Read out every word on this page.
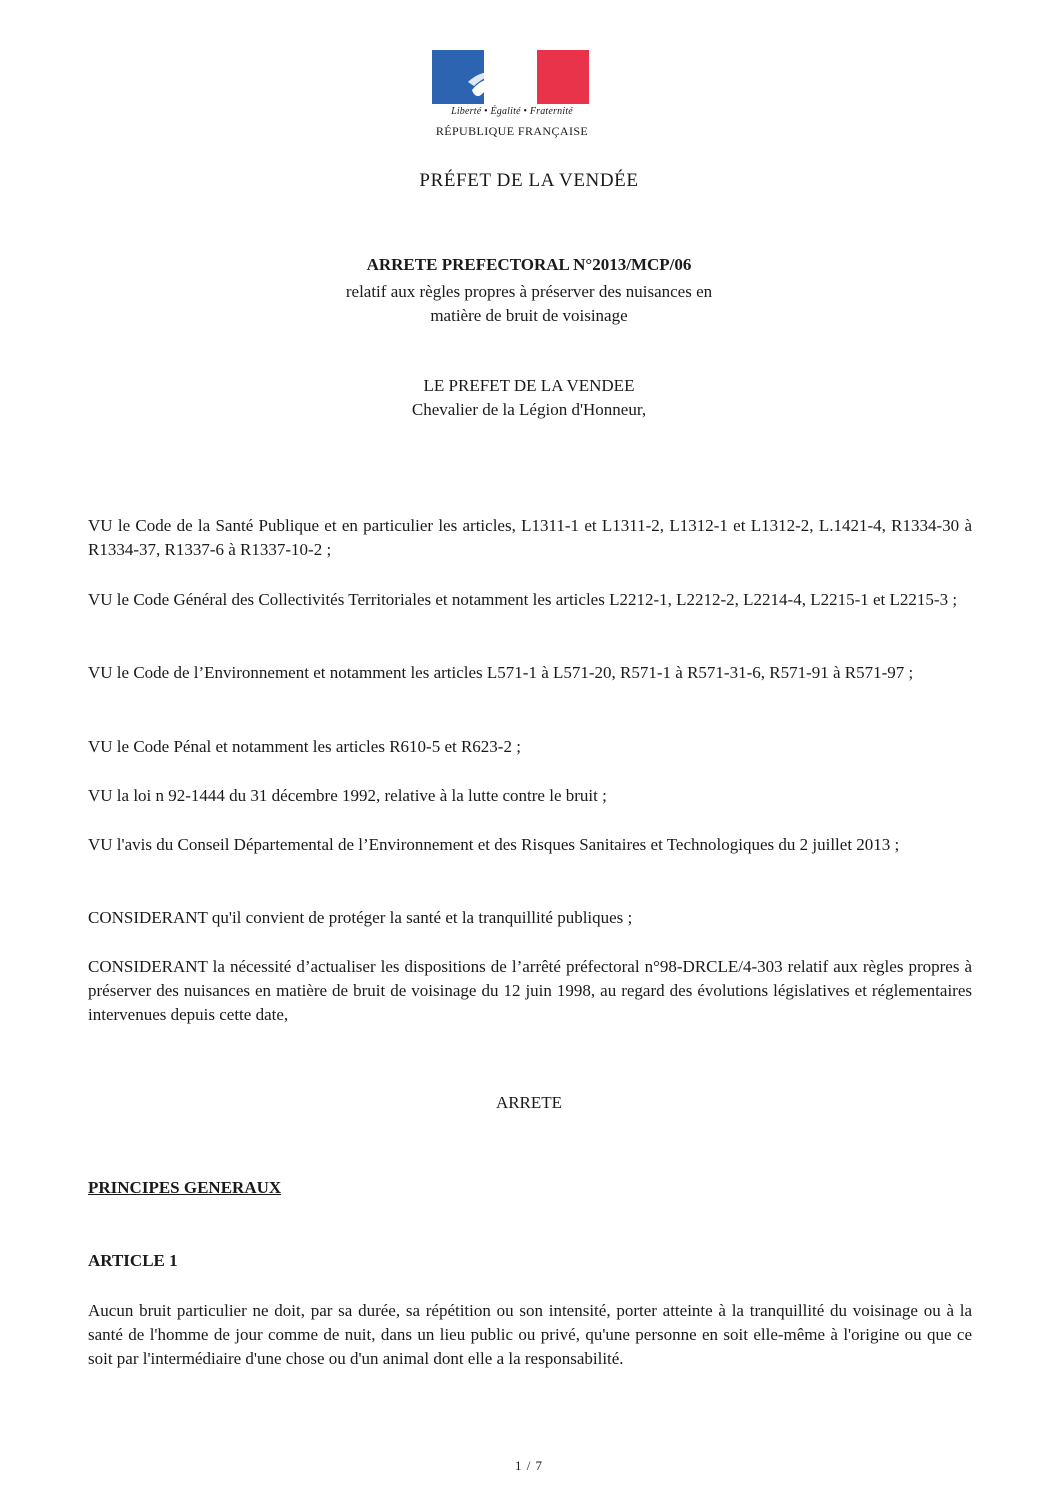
Liberté • Égalité • Fraternité
RÉPUBLIQUE FRANÇAISE
PRÉFET DE LA VENDÉE
ARRETE PREFECTORAL N°2013/MCP/06
relatif aux règles propres à préserver des nuisances en
matière de bruit de voisinage
LE PREFET DE LA VENDEE
Chevalier de la Légion d'Honneur,
VU le Code de la Santé Publique et en particulier les articles, L1311-1 et L1311-2, L1312-1 et L1312-2, L.1421-4, R1334-30 à R1334-37, R1337-6 à R1337-10-2 ;
VU le Code Général des Collectivités Territoriales et notamment les articles L2212-1, L2212-2, L2214-4, L2215-1 et L2215-3 ;
VU le Code de l’Environnement et notamment les articles L571-1 à L571-20, R571-1 à R571-31-6, R571-91 à R571-97 ;
VU le Code Pénal et notamment les articles R610-5 et R623-2 ;
VU la loi n 92-1444 du 31 décembre 1992, relative à la lutte contre le bruit ;
VU l'avis du Conseil Départemental de l’Environnement et des Risques Sanitaires et Technologiques du 2 juillet 2013 ;
CONSIDERANT qu'il convient de protéger la santé et la tranquillité publiques ;
CONSIDERANT la nécessité d’actualiser les dispositions de l’arrêté préfectoral n°98-DRCLE/4-303 relatif aux règles propres à préserver des nuisances en matière de bruit de voisinage du 12 juin 1998, au regard des évolutions législatives et réglementaires intervenues depuis cette date,
ARRETE
PRINCIPES GENERAUX
ARTICLE 1
Aucun bruit particulier ne doit, par sa durée, sa répétition ou son intensité, porter atteinte à la tranquillité du voisinage ou à la santé de l'homme de jour comme de nuit, dans un lieu public ou privé, qu'une personne en soit elle-même à l'origine ou que ce soit par l'intermédiaire d'une chose ou d'un animal dont elle a la responsabilité.
1 / 7
